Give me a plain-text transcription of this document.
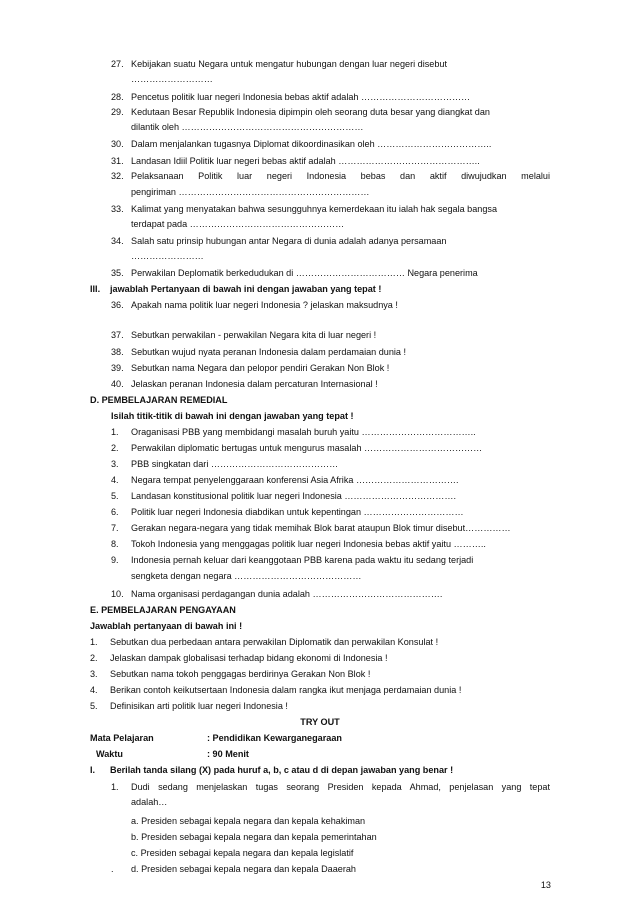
27. Kebijakan suatu Negara untuk mengatur hubungan dengan luar negeri disebut
………………………
28. Pencetus politik luar negeri Indonesia bebas aktif adalah ………………………………
29. Kedutaan Besar Republik Indonesia dipimpin oleh seorang duta besar yang diangkat dan
dilantik oleh ……………………………………………………
30. Dalam menjalankan tugasnya Diplomat dikoordinasikan oleh ………………………………..
31. Landasan Idiil Politik luar negeri bebas aktif adalah ………………………………………..
32. Pelaksanaan Politik luar negeri Indonesia bebas dan aktif diwujudkan melalui
pengiriman ………………………………………………………
33. Kalimat yang menyatakan bahwa sesungguhnya kemerdekaan itu ialah hak segala bangsa
terdapat pada ……………………………………………
34. Salah satu prinsip hubungan antar Negara di dunia adalah adanya persamaan
……………………
35. Perwakilan Deplomatik berkedudukan di ……………………………… Negara penerima
III. jawablah Pertanyaan di bawah ini dengan jawaban yang tepat !
36. Apakah nama politik luar negeri Indonesia ? jelaskan maksudnya !
37. Sebutkan perwakilan - perwakilan Negara kita di luar negeri !
38. Sebutkan wujud nyata peranan Indonesia dalam perdamaian dunia !
39. Sebutkan nama Negara dan pelopor pendiri Gerakan Non Blok !
40. Jelaskan peranan Indonesia dalam percaturan Internasional !
D. PEMBELAJARAN REMEDIAL
Isilah titik-titik di bawah ini dengan jawaban yang tepat !
1. Oraganisasi PBB yang membidangi masalah buruh yaitu ………………………………..
2. Perwakilan diplomatic bertugas untuk mengurus masalah …………………………………
3. PBB singkatan dari ……………………………………
4. Negara tempat penyelenggaraan konferensi Asia Afrika …………………………….
5. Landasan konstitusional politik luar negeri Indonesia ……………………………….
6. Politik luar negeri Indonesia diabdikan untuk kepentingan ……………………………
7. Gerakan negara-negara yang tidak memihak Blok barat ataupun Blok timur disebut……………
8. Tokoh Indonesia yang menggagas politik luar negeri Indonesia bebas aktif yaitu ………..
9. Indonesia pernah keluar dari keanggotaan PBB karena pada waktu itu sedang terjadi
sengketa dengan negara ……………………………………
10. Nama organisasi perdagangan dunia adalah …………………………………….
E. PEMBELAJARAN PENGAYAAN
Jawablah pertanyaan di bawah ini !
1. Sebutkan dua perbedaan antara perwakilan Diplomatik dan perwakilan Konsulat !
2. Jelaskan dampak globalisasi terhadap bidang ekonomi di Indonesia !
3. Sebutkan nama tokoh penggagas berdirinya Gerakan Non Blok !
4. Berikan contoh keikutsertaan Indonesia dalam rangka ikut menjaga perdamaian dunia !
5. Definisikan arti politik luar negeri Indonesia !
TRY OUT
Mata Pelajaran	: Pendidikan Kewarganegaraan
Waktu	: 90 Menit
I. Berilah tanda silang (X) pada huruf a, b, c atau d di depan jawaban yang benar !
1. Dudi sedang menjelaskan tugas seorang Presiden kepada Ahmad, penjelasan yang tepat
adalah…
a. Presiden sebagai kepala negara dan kepala kehakiman
b. Presiden sebagai kepala negara dan kepala pemerintahan
c. Presiden sebagai kepala negara dan kepala legislatif
. d. Presiden sebagai kepala negara dan kepala Daaerah
13
